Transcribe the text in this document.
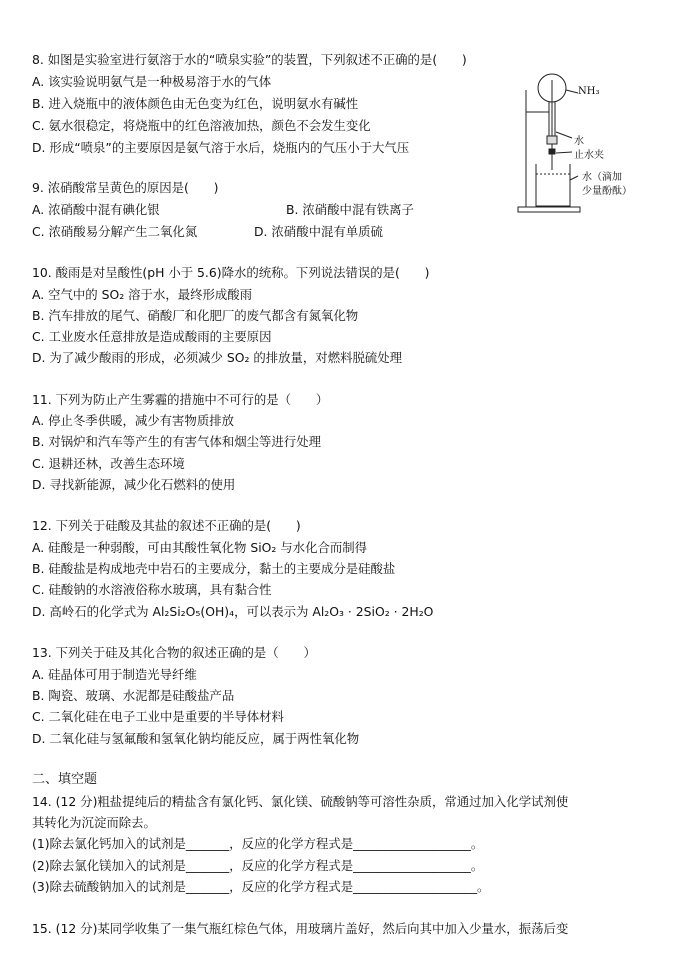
8. 如图是实验室进行氨溶于水的“喷泉实验”的装置，下列叙述不正确的是(　　)
A. 该实验说明氨气是一种极易溶于水的气体
B. 进入烧瓶中的液体颜色由无色变为红色，说明氨水有碱性
C. 氨水很稳定，将烧瓶中的红色溶液加热，颜色不会发生变化
D. 形成“喷泉”的主要原因是氨气溶于水后，烧瓶内的气压小于大气压
NH₃
水
止水夹
水（滴加
少量酚酞）
9. 浓硝酸常呈黄色的原因是(　　)
A. 浓硝酸中混有碘化银	B. 浓硝酸中混有铁离子
C. 浓硝酸易分解产生二氧化氮	D. 浓硝酸中混有单质硫
10. 酸雨是对呈酸性(pH 小于 5.6)降水的统称。下列说法错误的是(　　)
A. 空气中的 SO₂ 溶于水，最终形成酸雨
B. 汽车排放的尾气、硝酸厂和化肥厂的废气都含有氮氧化物
C. 工业废水任意排放是造成酸雨的主要原因
D. 为了减少酸雨的形成，必须减少 SO₂ 的排放量，对燃料脱硫处理
11. 下列为防止产生雾霾的措施中不可行的是（　　）
A. 停止冬季供暖，减少有害物质排放
B. 对锅炉和汽车等产生的有害气体和烟尘等进行处理
C. 退耕还林，改善生态环境
D. 寻找新能源，减少化石燃料的使用
12. 下列关于硅酸及其盐的叙述不正确的是(　　)
A. 硅酸是一种弱酸，可由其酸性氧化物 SiO₂ 与水化合而制得
B. 硅酸盐是构成地壳中岩石的主要成分，黏土的主要成分是硅酸盐
C. 硅酸钠的水溶液俗称水玻璃，具有黏合性
D. 高岭石的化学式为 Al₂Si₂O₅(OH)₄，可以表示为 Al₂O₃ · 2SiO₂ · 2H₂O
13. 下列关于硅及其化合物的叙述正确的是（　　）
A. 硅晶体可用于制造光导纤维
B. 陶瓷、玻璃、水泥都是硅酸盐产品
C. 二氧化硅在电子工业中是重要的半导体材料
D. 二氧化硅与氢氟酸和氢氧化钠均能反应，属于两性氧化物
二、填空题
14. (12 分)粗盐提纯后的精盐含有氯化钙、氯化镁、硫酸钠等可溶性杂质，常通过加入化学试剂使
其转化为沉淀而除去。
(1)除去氯化钙加入的试剂是_______，反应的化学方程式是___________________。
(2)除去氯化镁加入的试剂是_______，反应的化学方程式是___________________。
(3)除去硫酸钠加入的试剂是_______，反应的化学方程式是____________________。
15. (12 分)某同学收集了一集气瓶红棕色气体，用玻璃片盖好，然后向其中加入少量水，振荡后变
